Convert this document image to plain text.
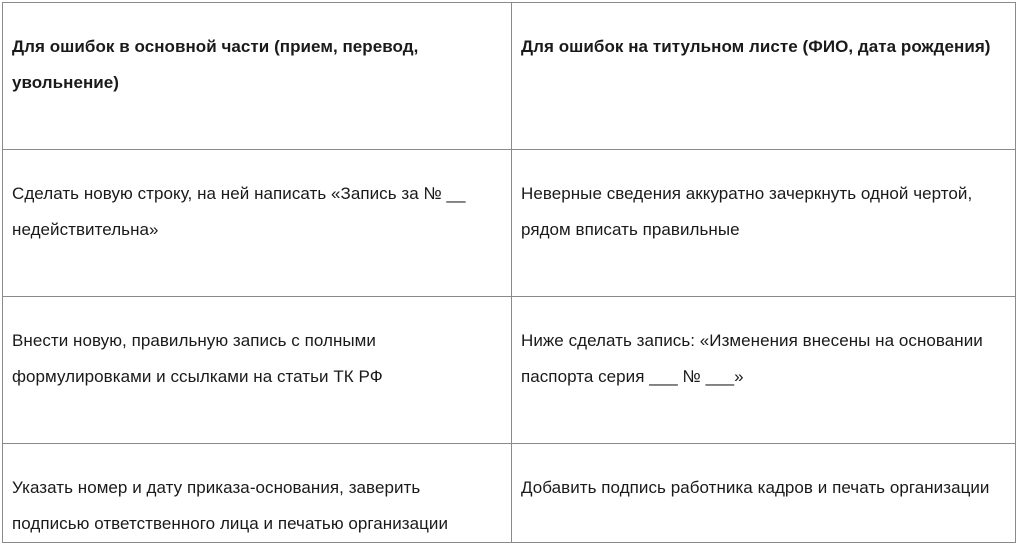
Для ошибок в основной части (прием, перевод, увольнение)	Для ошибок на титульном листе (ФИО, дата рождения)

Сделать новую строку, на ней написать «Запись за № __ недействительна»	Неверные сведения аккуратно зачеркнуть одной чертой, рядом вписать правильные

Внести новую, правильную запись с полными формулировками и ссылками на статьи ТК РФ	Ниже сделать запись: «Изменения внесены на основании паспорта серия ___ № ___»

Указать номер и дату приказа-основания, заверить подписью ответственного лица и печатью организации	Добавить подпись работника кадров и печать организации
